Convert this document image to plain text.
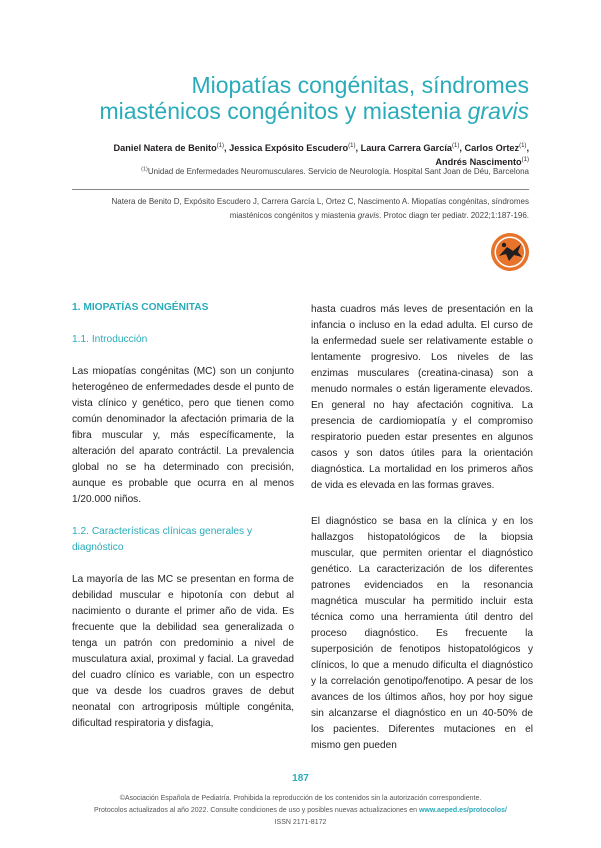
Miopatías congénitas, síndromes
miasténicos congénitos y miastenia gravis
Daniel Natera de Benito$^{(1)}$, Jessica Expósito Escudero$^{(1)}$, Laura Carrera García$^{(1)}$, Carlos Ortez$^{(1)}$,
Andrés Nascimento$^{(1)}$
$^{(1)}$Unidad de Enfermedades Neuromusculares. Servicio de Neurología. Hospital Sant Joan de Déu, Barcelona
Natera de Benito D, Expósito Escudero J, Carrera García L, Ortez C, Nascimento A. Miopatías congénitas, síndromes
miasténicos congénitos y miastenia gravis. Protoc diagn ter pediatr. 2022;1:187-196.
1. MIOPATÍAS CONGÉNITAS
1.1. Introducción

Las miopatías congénitas (MC) son un conjunto heterogéneo de enfermedades desde el punto de vista clínico y genético, pero que tienen como común denominador la afectación primaria de la fibra muscular y, más específicamente, la alteración del aparato contráctil. La prevalencia global no se ha determinado con precisión, aunque es probable que ocurra en al menos 1/20.000 niños.

1.2. Características clínicas generales y diagnóstico

La mayoría de las MC se presentan en forma de debilidad muscular e hipotonía con debut al nacimiento o durante el primer año de vida. Es frecuente que la debilidad sea generalizada o tenga un patrón con predominio a nivel de musculatura axial, proximal y facial. La gravedad del cuadro clínico es variable, con un espectro que va desde los cuadros graves de debut neonatal con artrogriposis múltiple congénita, dificultad respiratoria y disfagia,

hasta cuadros más leves de presentación en la infancia o incluso en la edad adulta. El curso de la enfermedad suele ser relativamente estable o lentamente progresivo. Los niveles de las enzimas musculares (creatina-cinasa) son a menudo normales o están ligeramente elevados. En general no hay afectación cognitiva. La presencia de cardiomiopatía y el compromiso respiratorio pueden estar presentes en algunos casos y son datos útiles para la orientación diagnóstica. La mortalidad en los primeros años de vida es elevada en las formas graves.

El diagnóstico se basa en la clínica y en los hallazgos histopatológicos de la biopsia muscular, que permiten orientar el diagnóstico genético. La caracterización de los diferentes patrones evidenciados en la resonancia magnética muscular ha permitido incluir esta técnica como una herramienta útil dentro del proceso diagnóstico. Es frecuente la superposición de fenotipos histopatológicos y clínicos, lo que a menudo dificulta el diagnóstico y la correlación genotipo/fenotipo. A pesar de los avances de los últimos años, hoy por hoy sigue sin alcanzarse el diagnóstico en un 40-50% de los pacientes. Diferentes mutaciones en el mismo gen pueden

187
©Asociación Española de Pediatría. Prohibida la reproducción de los contenidos sin la autorización correspondiente.
Protocolos actualizados al año 2022. Consulte condiciones de uso y posibles nuevas actualizaciones en www.aeped.es/protocolos/
ISSN 2171-8172
